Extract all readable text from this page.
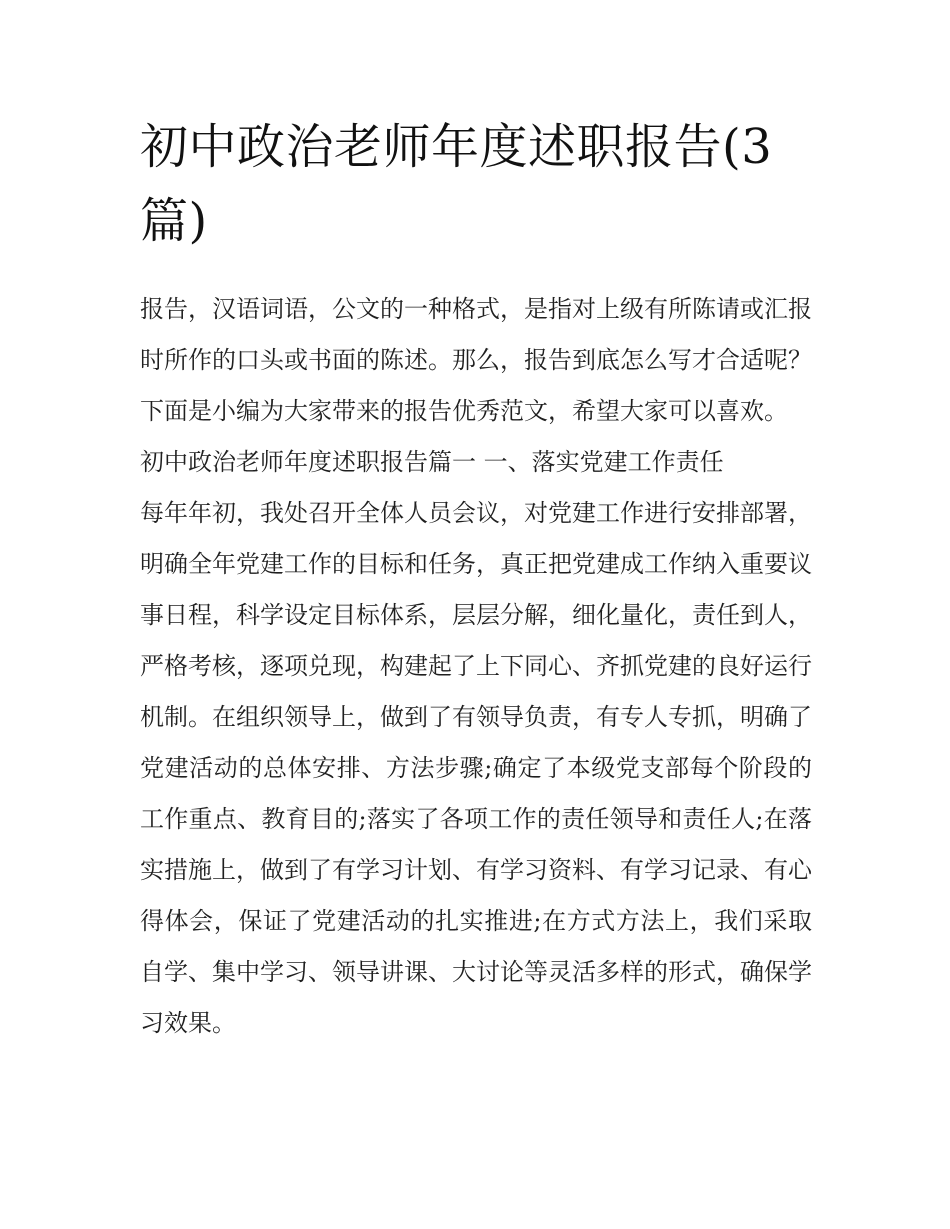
初中政治老师年度述职报告(3篇)

报告，汉语词语，公文的一种格式，是指对上级有所陈请或汇报时所作的口头或书面的陈述。那么，报告到底怎么写才合适呢？下面是小编为大家带来的报告优秀范文，希望大家可以喜欢。

初中政治老师年度述职报告篇一 一、落实党建工作责任

每年年初，我处召开全体人员会议，对党建工作进行安排部署，明确全年党建工作的目标和任务，真正把党建成工作纳入重要议事日程，科学设定目标体系，层层分解，细化量化，责任到人，严格考核，逐项兑现，构建起了上下同心、齐抓党建的良好运行机制。在组织领导上，做到了有领导负责，有专人专抓，明确了党建活动的总体安排、方法步骤;确定了本级党支部每个阶段的工作重点、教育目的;落实了各项工作的责任领导和责任人;在落实措施上，做到了有学习计划、有学习资料、有学习记录、有心得体会，保证了党建活动的扎实推进;在方式方法上，我们采取自学、集中学习、领导讲课、大讨论等灵活多样的形式，确保学习效果。
